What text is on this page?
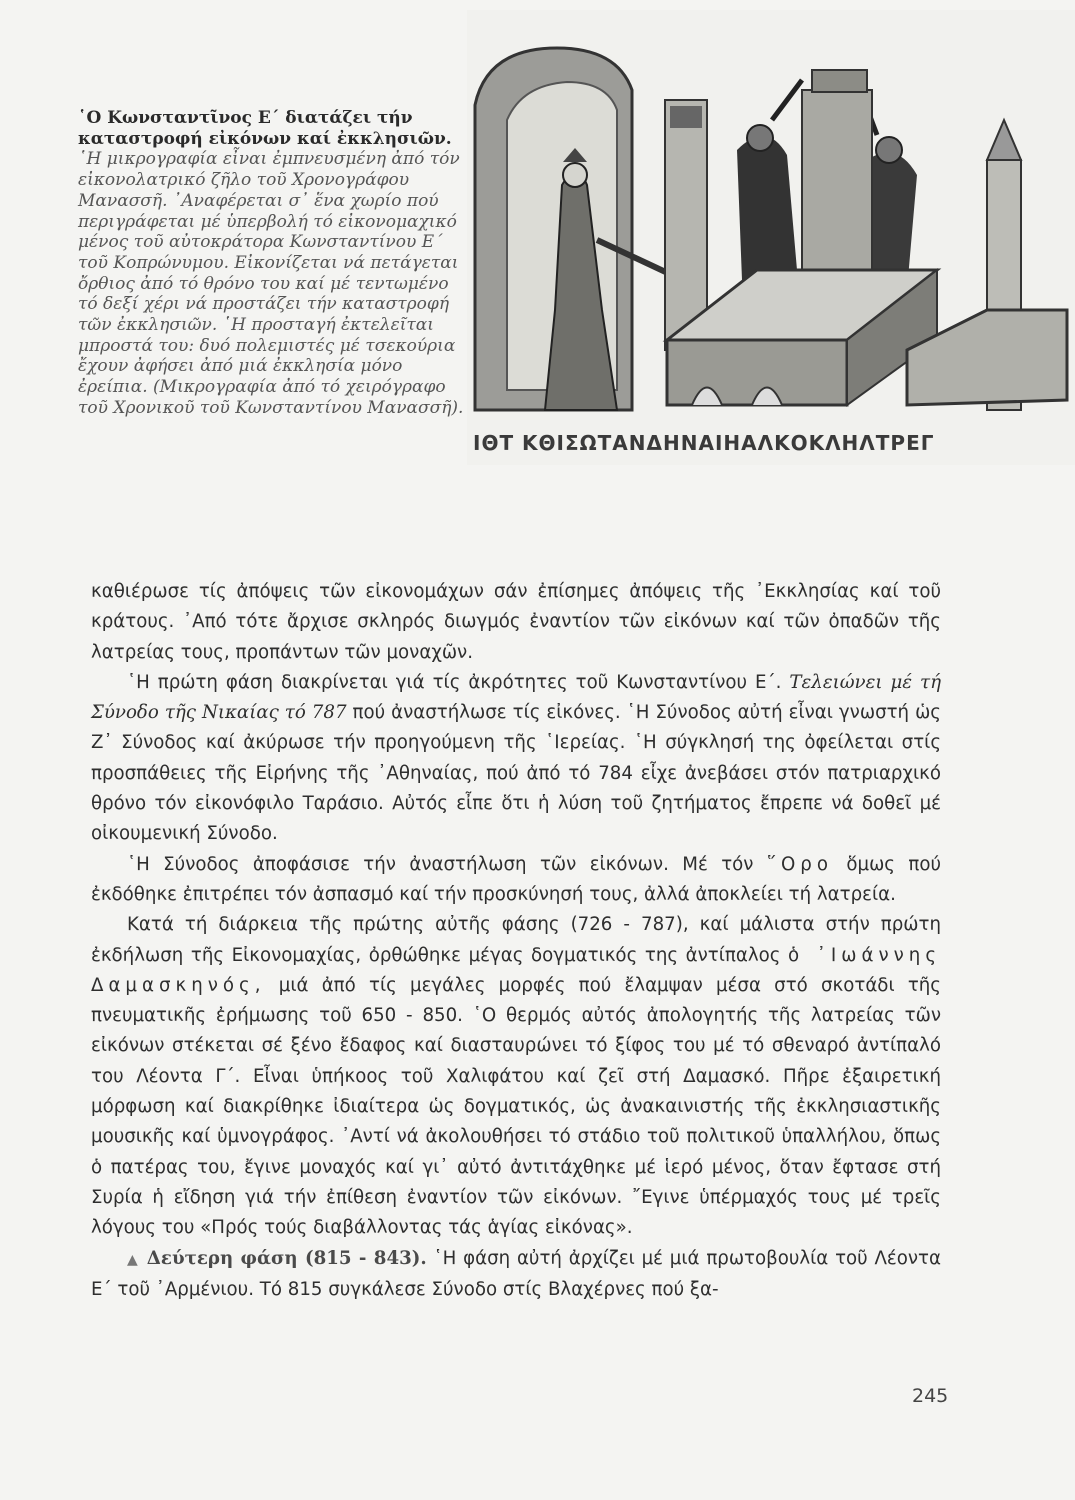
῾Ο Κωνσταντῖνος Ε΄ διατάζει τήν καταστροφή εἰκόνων καί ἐκκλησιῶν. ῾Η μικρογραφία εἶναι ἐμπνευσμένη ἀπό τόν εἰκονολατρικό ζῆλο τοῦ Χρονογράφου Μανασσῆ. ᾿Αναφέρεται σ᾿ ἕνα χωρίο πού περιγράφεται μέ ὑπερβολή τό εἰκονομαχικό μένος τοῦ αὐτοκράτορα Κωνσταντίνου Ε΄ τοῦ Κοπρώνυμου. Εἰκονίζεται νά πετάγεται ὄρθιος ἀπό τό θρόνο του καί μέ τεντωμένο τό δεξί χέρι νά προστάζει τήν καταστροφή τῶν ἐκκλησιῶν. ῾Η προσταγή ἐκτελεῖται μπροστά του: δυό πολεμιστές μέ τσεκούρια ἔχουν ἀφήσει ἀπό μιά ἐκκλησία μόνο ἐρείπια. (Μικρογραφία ἀπό τό χειρόγραφο τοῦ Χρονικοῦ τοῦ Κωνσταντίνου Μανασσῆ).
ΙΘΤ ΚΘΙΣΩΤΑΝΔΗΝΑΙΗΑΛΚΟΚΛΗΛΤΡΕΓ

καθιέρωσε τίς ἀπόψεις τῶν εἰκονομάχων σάν ἐπίσημες ἀπόψεις τῆς ᾿Εκκλησίας καί τοῦ κράτους. ᾿Από τότε ἄρχισε σκληρός διωγμός ἐναντίον τῶν εἰκόνων καί τῶν ὀπαδῶν τῆς λατρείας τους, προπάντων τῶν μοναχῶν.

῾Η πρώτη φάση διακρίνεται γιά τίς ἀκρότητες τοῦ Κωνσταντίνου Ε΄. Τελειώνει μέ τή Σύνοδο τῆς Νικαίας τό 787 πού ἀναστήλωσε τίς εἰκόνες. ῾Η Σύνοδος αὐτή εἶναι γνωστή ὡς Ζ᾿ Σύνοδος καί ἀκύρωσε τήν προηγούμενη τῆς ῾Ιερείας. ῾Η σύγκλησή της ὀφείλεται στίς προσπάθειες τῆς Εἰρήνης τῆς ᾿Αθηναίας, πού ἀπό τό 784 εἶχε ἀνεβάσει στόν πατριαρχικό θρόνο τόν εἰκονόφιλο Ταράσιο. Αὐτός εἶπε ὅτι ἡ λύση τοῦ ζητήματος ἔπρεπε νά δοθεῖ μέ οἰκουμενική Σύνοδο.

῾Η Σύνοδος ἀποφάσισε τήν ἀναστήλωση τῶν εἰκόνων. Μέ τόν ῞Ορο ὅμως πού ἐκδόθηκε ἐπιτρέπει τόν ἀσπασμό καί τήν προσκύνησή τους, ἀλλά ἀποκλείει τή λατρεία.

Κατά τή διάρκεια τῆς πρώτης αὐτῆς φάσης (726 - 787), καί μάλιστα στήν πρώτη ἐκδήλωση τῆς Εἰκονομαχίας, ὀρθώθηκε μέγας δογματικός της ἀντίπαλος ὁ ᾿Ιωάννης Δαμασκηνός, μιά ἀπό τίς μεγάλες μορφές πού ἔλαμψαν μέσα στό σκοτάδι τῆς πνευματικῆς ἐρήμωσης τοῦ 650 - 850. ῾Ο θερμός αὐτός ἀπολογητής τῆς λατρείας τῶν εἰκόνων στέκεται σέ ξένο ἔδαφος καί διασταυρώνει τό ξίφος του μέ τό σθεναρό ἀντίπαλό του Λέοντα Γ΄. Εἶναι ὑπήκοος τοῦ Χαλιφάτου καί ζεῖ στή Δαμασκό. Πῆρε ἐξαιρετική μόρφωση καί διακρίθηκε ἰδιαίτερα ὡς δογματικός, ὡς ἀνακαινιστής τῆς ἐκκλησιαστικῆς μουσικῆς καί ὑμνογράφος. ᾿Αντί νά ἀκολουθήσει τό στάδιο τοῦ πολιτικοῦ ὑπαλλήλου, ὅπως ὁ πατέρας του, ἔγινε μοναχός καί γι᾿ αὐτό ἀντιτάχθηκε μέ ἱερό μένος, ὅταν ἔφτασε στή Συρία ἡ εἴδηση γιά τήν ἐπίθεση ἐναντίον τῶν εἰκόνων. ῎Εγινε ὑπέρμαχός τους μέ τρεῖς λόγους του «Πρός τούς διαβάλλοντας τάς ἁγίας εἰκόνας».

▲ Δεύτερη φάση (815 - 843). ῾Η φάση αὐτή ἀρχίζει μέ μιά πρωτοβουλία τοῦ Λέοντα Ε΄ τοῦ ᾿Αρμένιου. Τό 815 συγκάλεσε Σύνοδο στίς Βλαχέρνες πού ξα-

245
